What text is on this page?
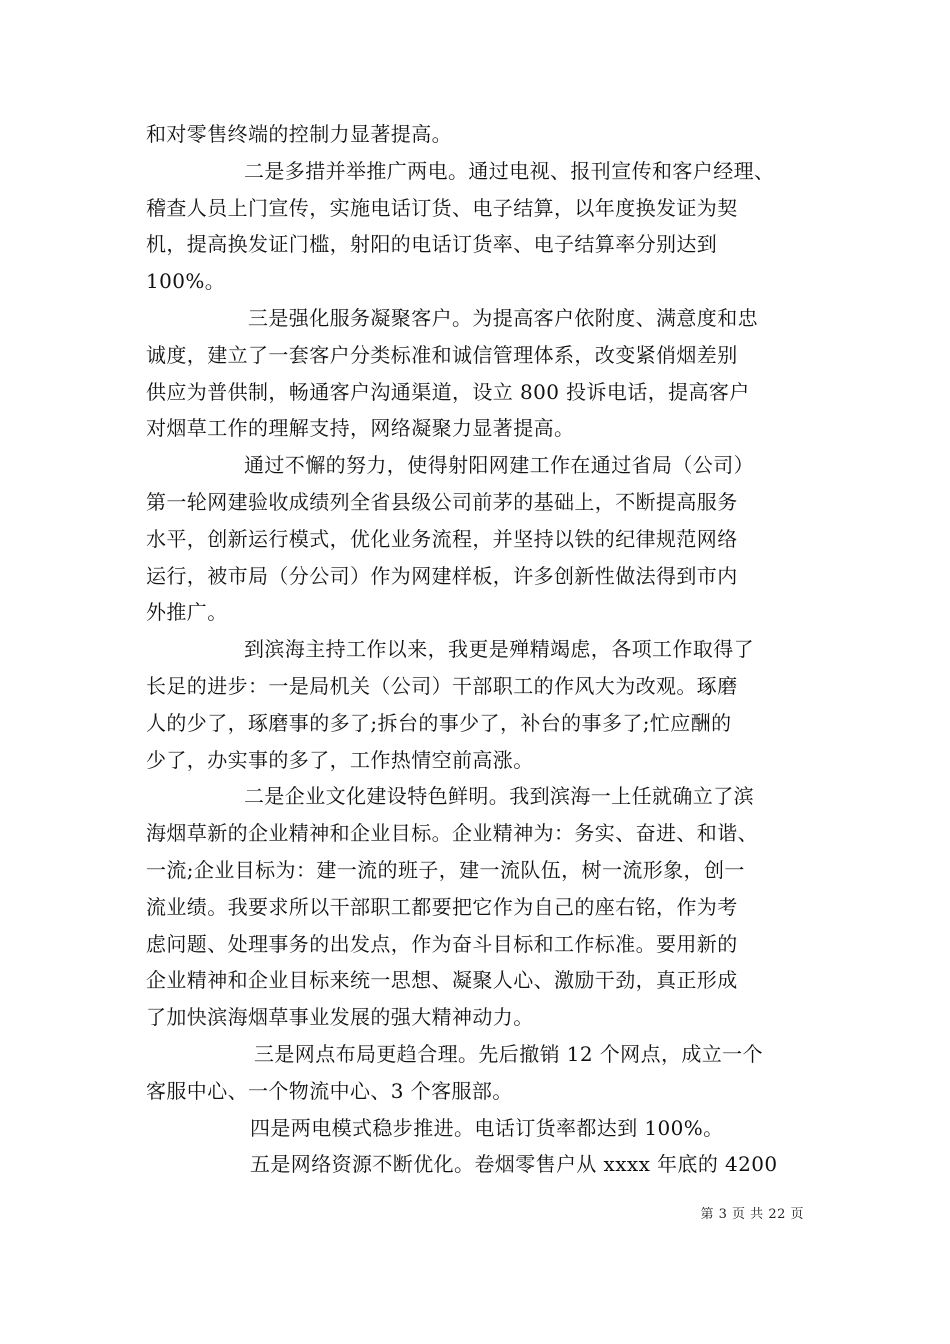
和对零售终端的控制力显著提高。
二是多措并举推广两电。通过电视、报刊宣传和客户经理、
稽查人员上门宣传，实施电话订货、电子结算，以年度换发证为契
机，提高换发证门槛，射阳的电话订货率、电子结算率分别达到
100%。
三是强化服务凝聚客户。为提高客户依附度、满意度和忠
诚度，建立了一套客户分类标准和诚信管理体系，改变紧俏烟差别
供应为普供制，畅通客户沟通渠道，设立 800 投诉电话，提高客户
对烟草工作的理解支持，网络凝聚力显著提高。
通过不懈的努力，使得射阳网建工作在通过省局（公司）
第一轮网建验收成绩列全省县级公司前茅的基础上，不断提高服务
水平，创新运行模式，优化业务流程，并坚持以铁的纪律规范网络
运行，被市局（分公司）作为网建样板，许多创新性做法得到市内
外推广。
到滨海主持工作以来，我更是殚精竭虑，各项工作取得了
长足的进步：一是局机关（公司）干部职工的作风大为改观。琢磨
人的少了，琢磨事的多了;拆台的事少了，补台的事多了;忙应酬的
少了，办实事的多了，工作热情空前高涨。
二是企业文化建设特色鲜明。我到滨海一上任就确立了滨
海烟草新的企业精神和企业目标。企业精神为：务实、奋进、和谐、
一流;企业目标为：建一流的班子，建一流队伍，树一流形象，创一
流业绩。我要求所以干部职工都要把它作为自己的座右铭，作为考
虑问题、处理事务的出发点，作为奋斗目标和工作标准。要用新的
企业精神和企业目标来统一思想、凝聚人心、激励干劲，真正形成
了加快滨海烟草事业发展的强大精神动力。
三是网点布局更趋合理。先后撤销 12 个网点，成立一个
客服中心、一个物流中心、3 个客服部。
四是两电模式稳步推进。电话订货率都达到 100%。
五是网络资源不断优化。卷烟零售户从 xxxx 年底的 4200
第 3 页 共 22 页
